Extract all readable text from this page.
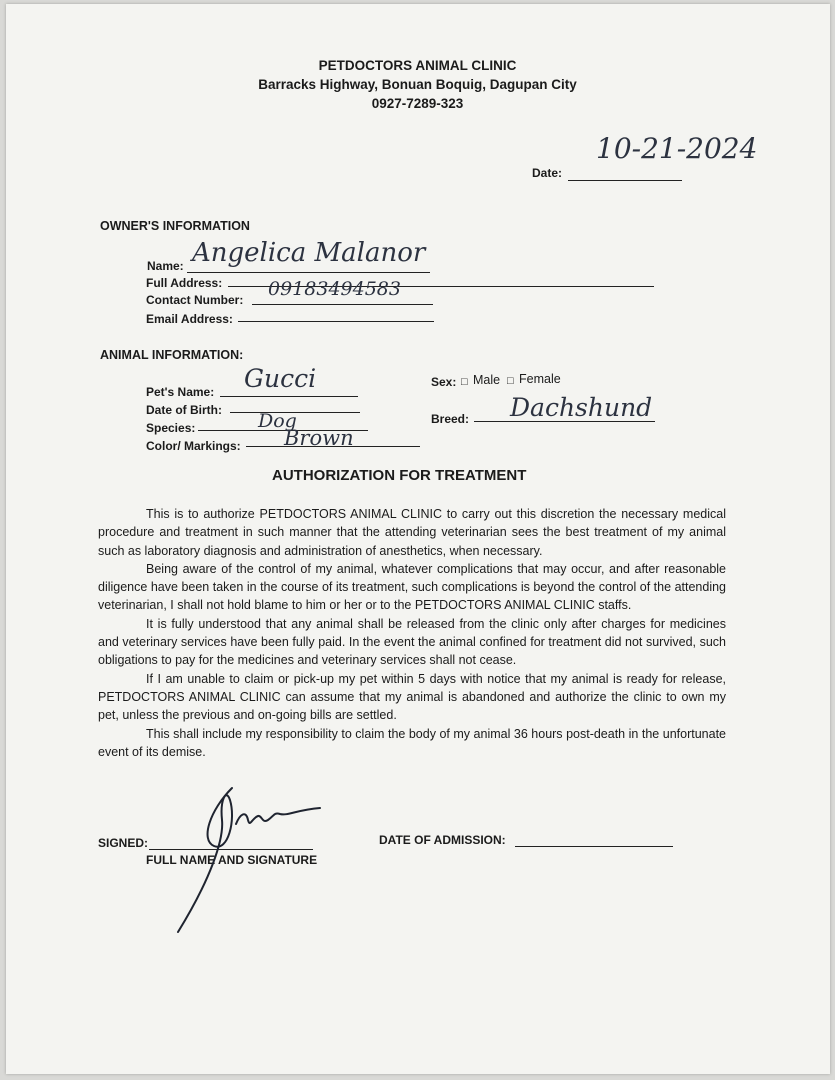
PETDOCTORS ANIMAL CLINIC
Barracks Highway, Bonuan Boquig, Dagupan City
0927-7289-323
Date:
10-21-2024
OWNER'S INFORMATION
Name: Angelica Malanor
Full Address:
Contact Number: 09183494583
Email Address:
ANIMAL INFORMATION:
Pet's Name: Gucci
Date of Birth:
Species:	Dog
Color/ Markings: Brown
Sex: □ Male □ Female
Breed: Dachshund
AUTHORIZATION FOR TREATMENT

This is to authorize PETDOCTORS ANIMAL CLINIC to carry out this discretion the necessary medical procedure and treatment in such manner that the attending veterinarian sees the best treatment of my animal such as laboratory diagnosis and administration of anesthetics, when necessary.

Being aware of the control of my animal, whatever complications that may occur, and after reasonable diligence have been taken in the course of its treatment, such complications is beyond the control of the attending veterinarian, I shall not hold blame to him or her or to the PETDOCTORS ANIMAL CLINIC staffs.

It is fully understood that any animal shall be released from the clinic only after charges for medicines and veterinary services have been fully paid. In the event the animal confined for treatment did not survived, such obligations to pay for the medicines and veterinary services shall not cease.

If I am unable to claim or pick-up my pet within 5 days with notice that my animal is ready for release, PETDOCTORS ANIMAL CLINIC can assume that my animal is abandoned and authorize the clinic to own my pet, unless the previous and on-going bills are settled.

This shall include my responsibility to claim the body of my animal 36 hours post-death in the unfortunate event of its demise.

SIGNED:
FULL NAME AND SIGNATURE
DATE OF ADMISSION:
